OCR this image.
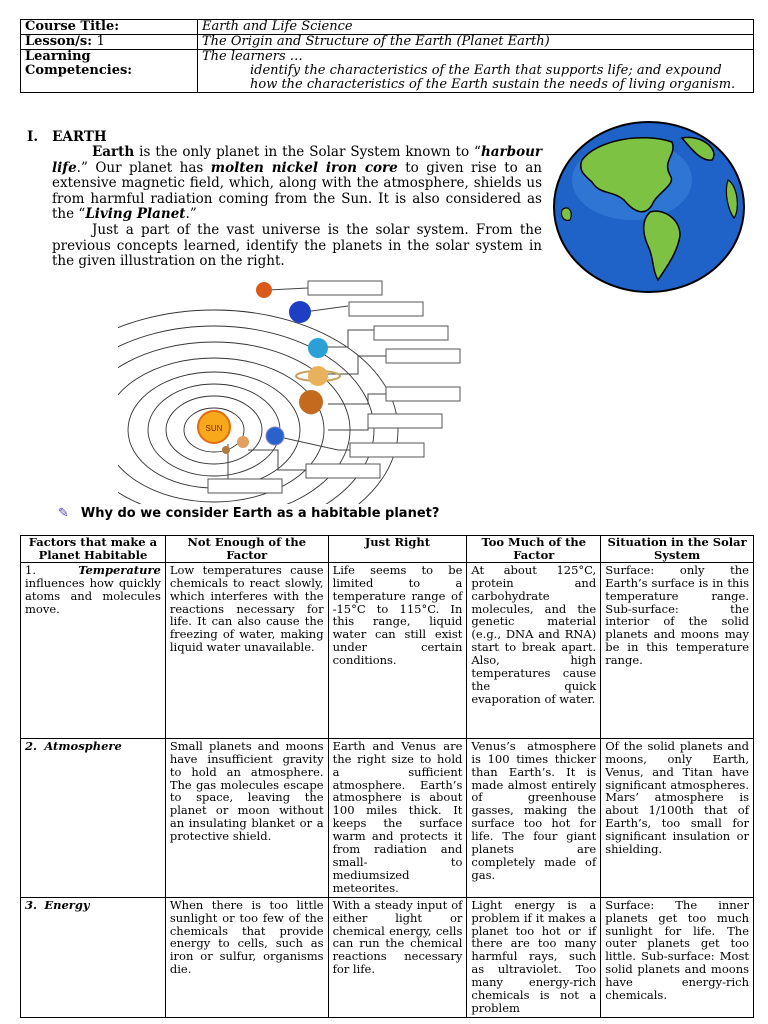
Course Title:	Earth and Life Science
Lesson/s: 1	The Origin and Structure of the Earth (Planet Earth)
Learning Competencies:	The learners …
identify the characteristics of the Earth that supports life; and expound how the characteristics of the Earth sustain the needs of living organism.
I.   EARTH

Earth is the only planet in the Solar System known to “harbour life.” Our planet has molten nickel iron core to given rise to an extensive magnetic field, which, along with the atmosphere, shields us from harmful radiation coming from the Sun. It is also considered as the “Living Planet.”

Just a part of the vast universe is the solar system. From the previous concepts learned, identify the planets in the solar system in the given illustration on the right.

SUN
✎ Why do we consider Earth as a habitable planet?
Factors that make a Planet Habitable	Not Enough of the Factor	Just Right	Too Much of the Factor	Situation in the Solar System
1. Temperature influences how quickly atoms and molecules move.	Low temperatures cause chemicals to react slowly, which interferes with the reactions necessary for life. It can also cause the freezing of water, making liquid water unavailable.	Life seems to be limited to a temperature range of -15°C to 115°C. In this range, liquid water can still exist under certain conditions.	At about 125°C, protein and carbohydrate molecules, and the genetic material (e.g., DNA and RNA) start to break apart. Also, high temperatures cause the quick evaporation of water.	Surface: only the Earth’s surface is in this temperature range. Sub-surface: the interior of the solid planets and moons may be in this temperature range.
2. Atmosphere	Small planets and moons have insufficient gravity to hold an atmosphere. The gas molecules escape to space, leaving the planet or moon without an insulating blanket or a protective shield.	Earth and Venus are the right size to hold a sufficient atmosphere. Earth’s atmosphere is about 100 miles thick. It keeps the surface warm and protects it from radiation and small- to mediumsized meteorites.	Venus’s atmosphere is 100 times thicker than Earth’s. It is made almost entirely of greenhouse gasses, making the surface too hot for life. The four giant planets are completely made of gas.	Of the solid planets and moons, only Earth, Venus, and Titan have significant atmospheres. Mars’ atmosphere is about 1/100th that of Earth’s, too small for significant insulation or shielding.
3. Energy	When there is too little sunlight or too few of the chemicals that provide energy to cells, such as iron or sulfur, organisms die.	With a steady input of either light or chemical energy, cells can run the chemical reactions necessary for life.	Light energy is a problem if it makes a planet too hot or if there are too many harmful rays, such as ultraviolet. Too many energy-rich chemicals is not a problem	Surface: The inner planets get too much sunlight for life. The outer planets get too little. Sub-surface: Most solid planets and moons have energy-rich chemicals.
